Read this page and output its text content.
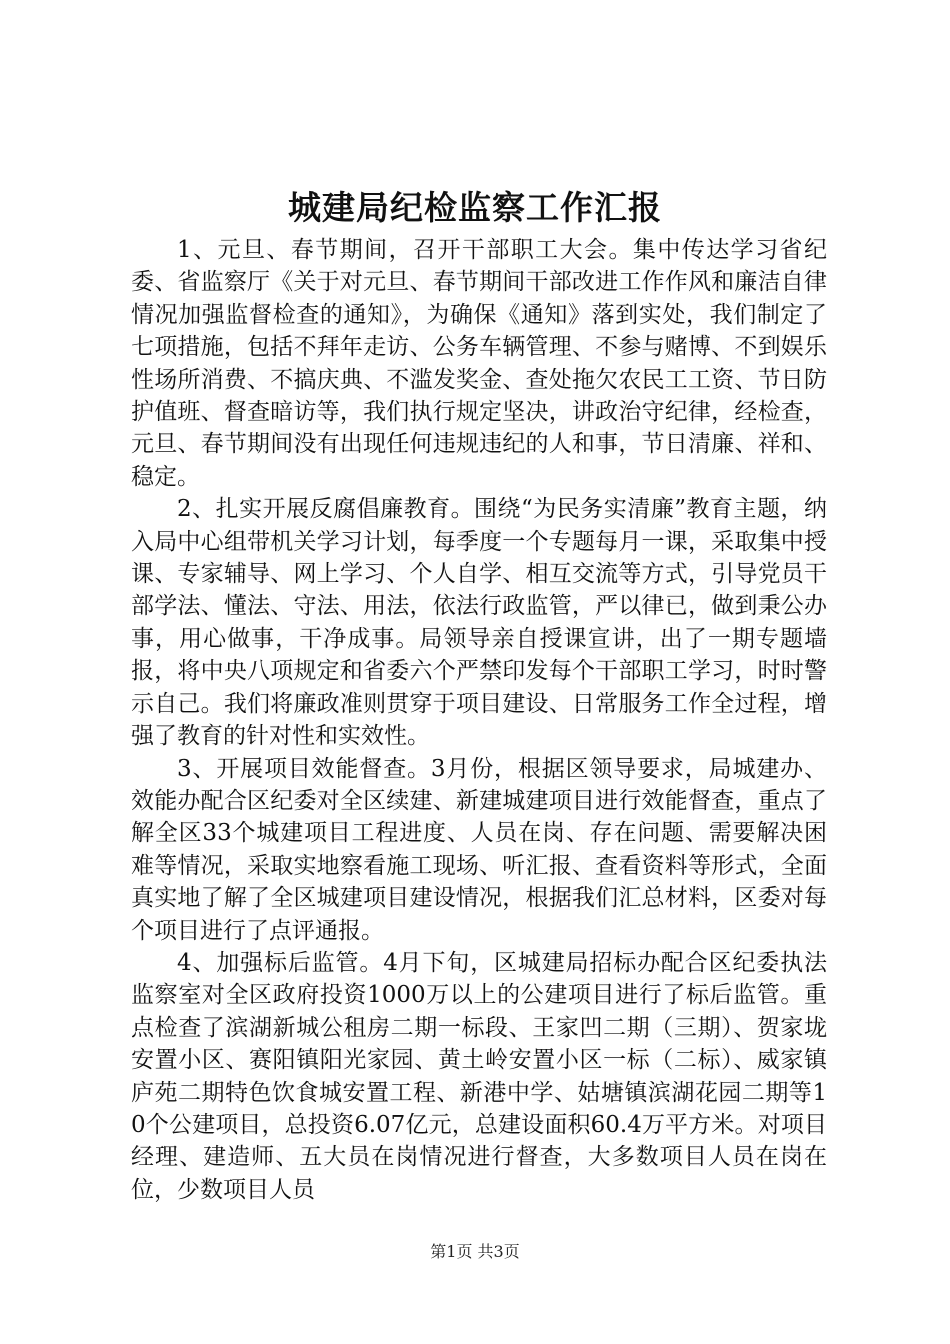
城建局纪检监察工作汇报

1、元旦、春节期间，召开干部职工大会。集中传达学习省纪委、省监察厅《关于对元旦、春节期间干部改进工作作风和廉洁自律情况加强监督检查的通知》，为确保《通知》落到实处，我们制定了七项措施，包括不拜年走访、公务车辆管理、不参与赌博、不到娱乐性场所消费、不搞庆典、不滥发奖金、查处拖欠农民工工资、节日防护值班、督查暗访等，我们执行规定坚决，讲政治守纪律，经检查，元旦、春节期间没有出现任何违规违纪的人和事，节日清廉、祥和、稳定。

2、扎实开展反腐倡廉教育。围绕“为民务实清廉”教育主题，纳入局中心组带机关学习计划，每季度一个专题每月一课，采取集中授课、专家辅导、网上学习、个人自学、相互交流等方式，引导党员干部学法、懂法、守法、用法，依法行政监管，严以律已，做到秉公办事，用心做事，干净成事。局领导亲自授课宣讲，出了一期专题墙报，将中央八项规定和省委六个严禁印发每个干部职工学习，时时警示自己。我们将廉政准则贯穿于项目建设、日常服务工作全过程，增强了教育的针对性和实效性。

3、开展项目效能督查。3月份，根据区领导要求，局城建办、效能办配合区纪委对全区续建、新建城建项目进行效能督查，重点了解全区33个城建项目工程进度、人员在岗、存在问题、需要解决困难等情况，采取实地察看施工现场、听汇报、查看资料等形式，全面真实地了解了全区城建项目建设情况，根据我们汇总材料，区委对每个项目进行了点评通报。

4、加强标后监管。4月下旬，区城建局招标办配合区纪委执法监察室对全区政府投资1000万以上的公建项目进行了标后监管。重点检查了滨湖新城公租房二期一标段、王家凹二期（三期）、贺家垅安置小区、赛阳镇阳光家园、黄土岭安置小区一标（二标）、威家镇庐苑二期特色饮食城安置工程、新港中学、姑塘镇滨湖花园二期等10个公建项目，总投资6.07亿元，总建设面积60.4万平方米。对项目经理、建造师、五大员在岗情况进行督查，大多数项目人员在岗在位，少数项目人员

第1页 共3页
